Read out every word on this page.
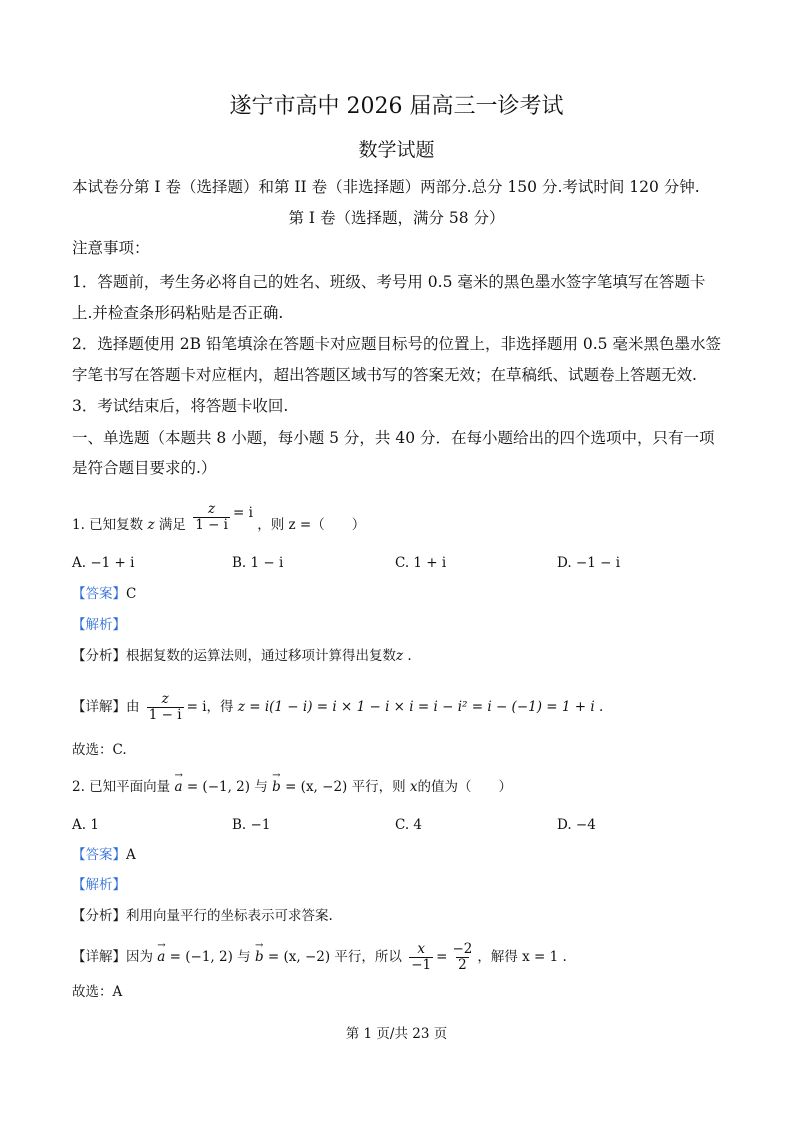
遂宁市高中 2026 届高三一诊考试
数学试题
本试卷分第 I 卷（选择题）和第 II 卷（非选择题）两部分.总分 150 分.考试时间 120 分钟.
第 I 卷（选择题，满分 58 分）
注意事项：
1．答题前，考生务必将自己的姓名、班级、考号用 0.5 毫米的黑色墨水签字笔填写在答题卡
上.并检查条形码粘贴是否正确.
2．选择题使用 2B 铅笔填涂在答题卡对应题目标号的位置上，非选择题用 0.5 毫米黑色墨水签
字笔书写在答题卡对应框内，超出答题区域书写的答案无效；在草稿纸、试题卷上答题无效.
3．考试结束后，将答题卡收回.
一、单选题（本题共 8 小题，每小题 5 分，共 40 分．在每小题给出的四个选项中，只有一项
是符合题目要求的.）
1. 已知复数 z 满足 $\frac{z}{1 - i} = i$ ，则 z =（　　）
A. −1 + i	B. 1 − i	C. 1 + i	D. −1 − i
【答案】C
【解析】
【分析】根据复数的运算法则，通过移项计算得出复数z .
【详解】由 $\frac{z}{1 - i} = i$，得 z = i(1 − i) = i × 1 − i × i = i − i² = i − (−1) = 1 + i .
故选：C.
2. 已知平面向量 → a = (−1, 2) 与 → b = (x, −2) 平行，则 x的值为（　　）
A. 1	B. −1	C. 4	D. −4
【答案】A
【解析】
【分析】利用向量平行的坐标表示可求答案.
【详解】因为 → a = (−1, 2) 与 → b = (x, −2) 平行，所以 $\frac{x}{-1} = \frac{-2}{2}$ ，解得 x = 1 .
故选：A
第 1 页/共 23 页
